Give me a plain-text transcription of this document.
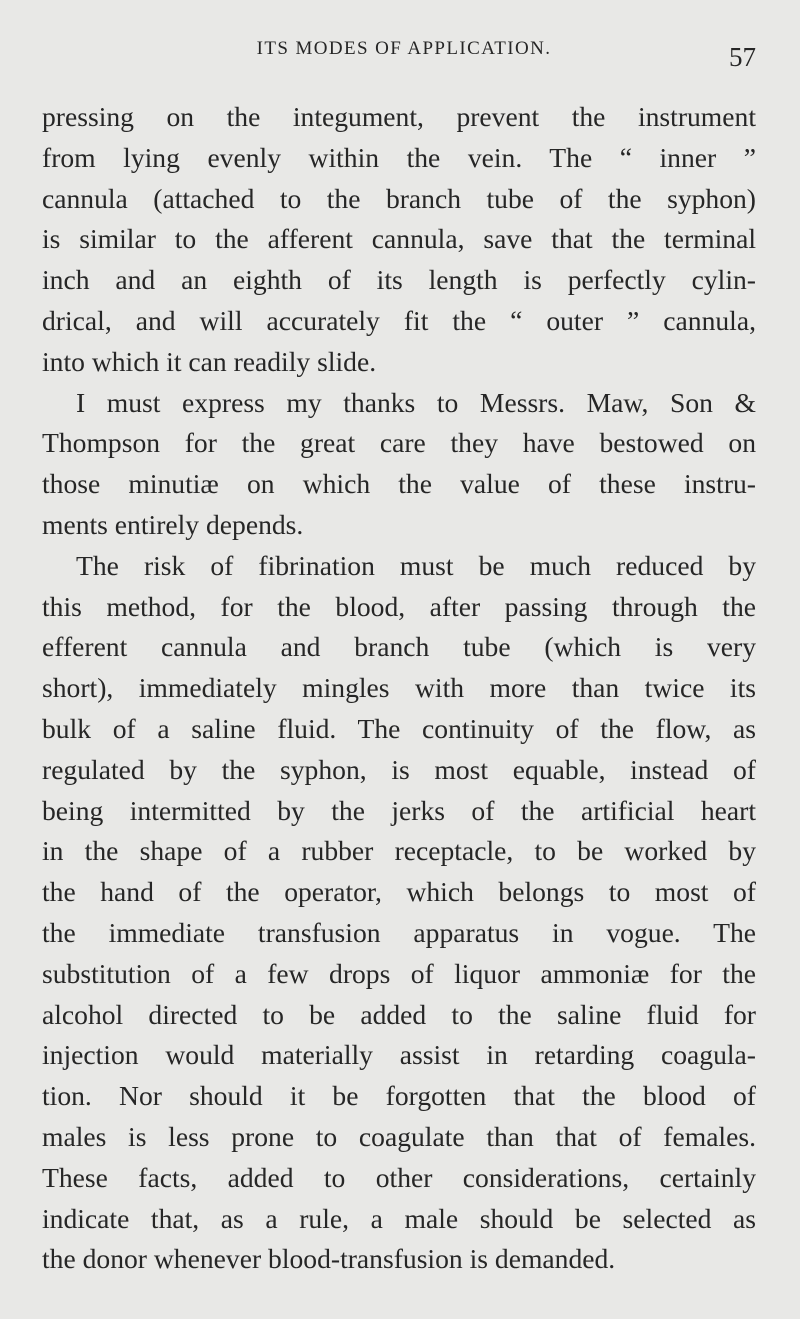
ITS MODES OF APPLICATION.	57
pressing on the integument, prevent the instrument
from lying evenly within the vein. The “ inner ”
cannula (attached to the branch tube of the syphon)
is similar to the afferent cannula, save that the terminal
inch and an eighth of its length is perfectly cylin-
drical, and will accurately fit the “ outer ” cannula,
into which it can readily slide.
I must express my thanks to Messrs. Maw, Son &
Thompson for the great care they have bestowed on
those minutiæ on which the value of these instru-
ments entirely depends.
The risk of fibrination must be much reduced by
this method, for the blood, after passing through the
efferent cannula and branch tube (which is very
short), immediately mingles with more than twice its
bulk of a saline fluid. The continuity of the flow, as
regulated by the syphon, is most equable, instead of
being intermitted by the jerks of the artificial heart
in the shape of a rubber receptacle, to be worked by
the hand of the operator, which belongs to most of
the immediate transfusion apparatus in vogue. The
substitution of a few drops of liquor ammoniæ for the
alcohol directed to be added to the saline fluid for
injection would materially assist in retarding coagula-
tion. Nor should it be forgotten that the blood of
males is less prone to coagulate than that of females.
These facts, added to other considerations, certainly
indicate that, as a rule, a male should be selected as
the donor whenever blood-transfusion is demanded.
